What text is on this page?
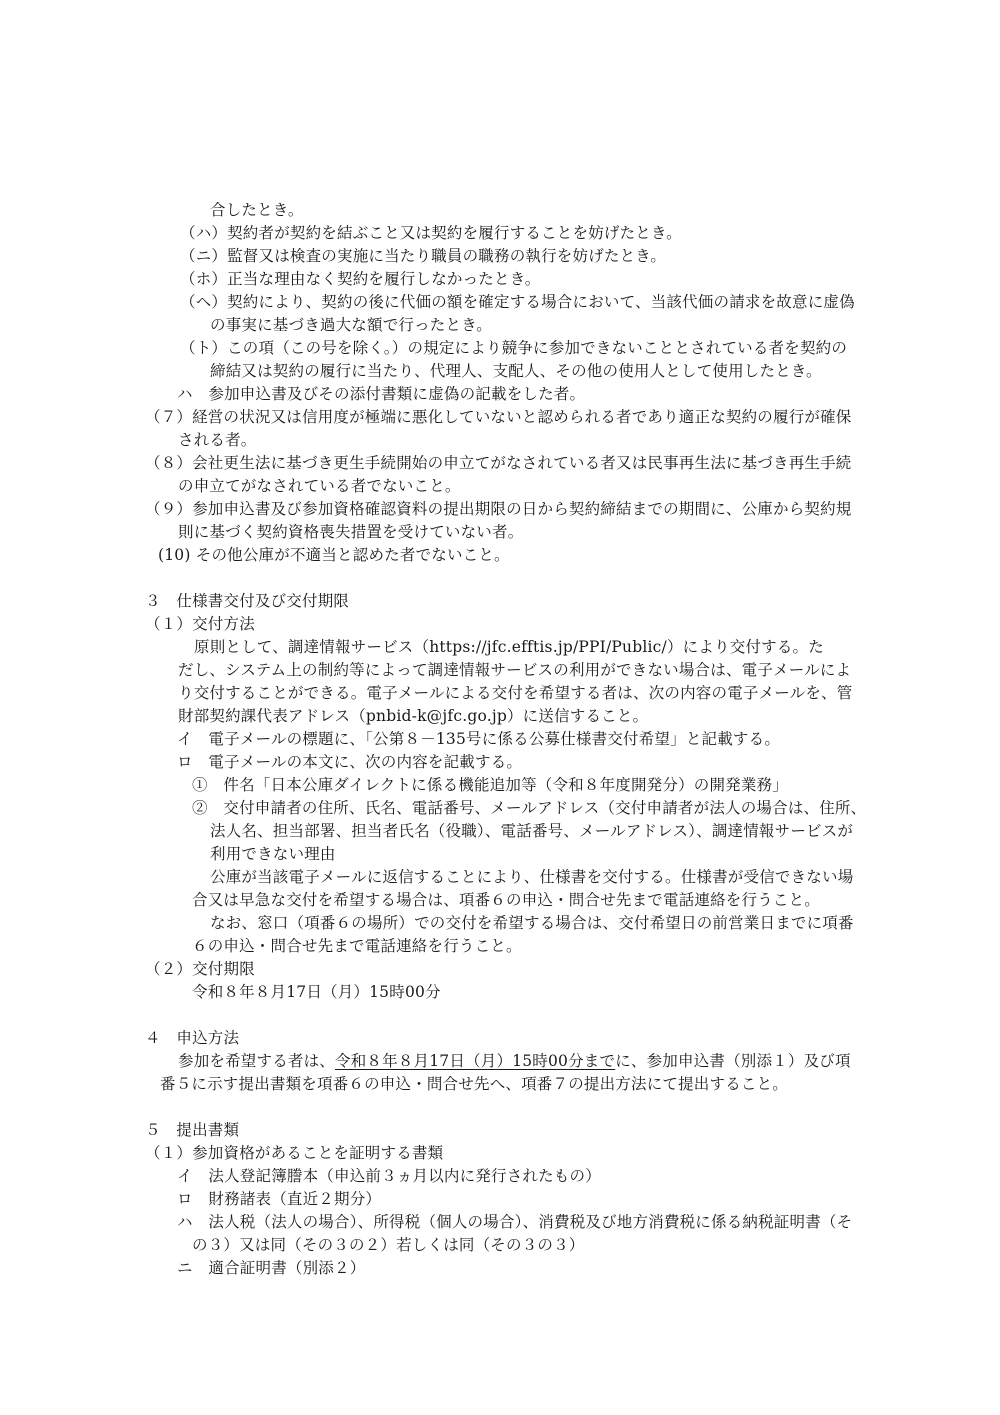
合したとき。
（ハ）契約者が契約を結ぶこと又は契約を履行することを妨げたとき。
（ニ）監督又は検査の実施に当たり職員の職務の執行を妨げたとき。
（ホ）正当な理由なく契約を履行しなかったとき。
（ヘ）契約により、契約の後に代価の額を確定する場合において、当該代価の請求を故意に虚偽
の事実に基づき過大な額で行ったとき。
（ト）この項（この号を除く。）の規定により競争に参加できないこととされている者を契約の
締結又は契約の履行に当たり、代理人、支配人、その他の使用人として使用したとき。
ハ　参加申込書及びその添付書類に虚偽の記載をした者。
（７）経営の状況又は信用度が極端に悪化していないと認められる者であり適正な契約の履行が確保
される者。
（８）会社更生法に基づき更生手続開始の申立てがなされている者又は民事再生法に基づき再生手続
の申立てがなされている者でないこと。
（９）参加申込書及び参加資格確認資料の提出期限の日から契約締結までの期間に、公庫から契約規
則に基づく契約資格喪失措置を受けていない者。
(10) その他公庫が不適当と認めた者でないこと。
３　仕様書交付及び交付期限
（１）交付方法
原則として、調達情報サービス（https://jfc.efftis.jp/PPI/Public/）により交付する。た
だし、システム上の制約等によって調達情報サービスの利用ができない場合は、電子メールによ
り交付することができる。電子メールによる交付を希望する者は、次の内容の電子メールを、管
財部契約課代表アドレス（pnbid-k@jfc.go.jp）に送信すること。
イ　電子メールの標題に、「公第８－135号に係る公募仕様書交付希望」と記載する。
ロ　電子メールの本文に、次の内容を記載する。
①　件名「日本公庫ダイレクトに係る機能追加等（令和８年度開発分）の開発業務」
②　交付申請者の住所、氏名、電話番号、メールアドレス（交付申請者が法人の場合は、住所、
法人名、担当部署、担当者氏名（役職）、電話番号、メールアドレス）、調達情報サービスが
利用できない理由
公庫が当該電子メールに返信することにより、仕様書を交付する。仕様書が受信できない場
合又は早急な交付を希望する場合は、項番６の申込・問合せ先まで電話連絡を行うこと。
なお、窓口（項番６の場所）での交付を希望する場合は、交付希望日の前営業日までに項番
６の申込・問合せ先まで電話連絡を行うこと。
（２）交付期限
令和８年８月17日（月）15時00分
４　申込方法
参加を希望する者は、令和８年８月17日（月）15時00分までに、参加申込書（別添１）及び項
番５に示す提出書類を項番６の申込・問合せ先へ、項番７の提出方法にて提出すること。
５　提出書類
（１）参加資格があることを証明する書類
イ　法人登記簿謄本（申込前３ヵ月以内に発行されたもの）
ロ　財務諸表（直近２期分）
ハ　法人税（法人の場合）、所得税（個人の場合）、消費税及び地方消費税に係る納税証明書（そ
の３）又は同（その３の２）若しくは同（その３の３）
ニ　適合証明書（別添２）
